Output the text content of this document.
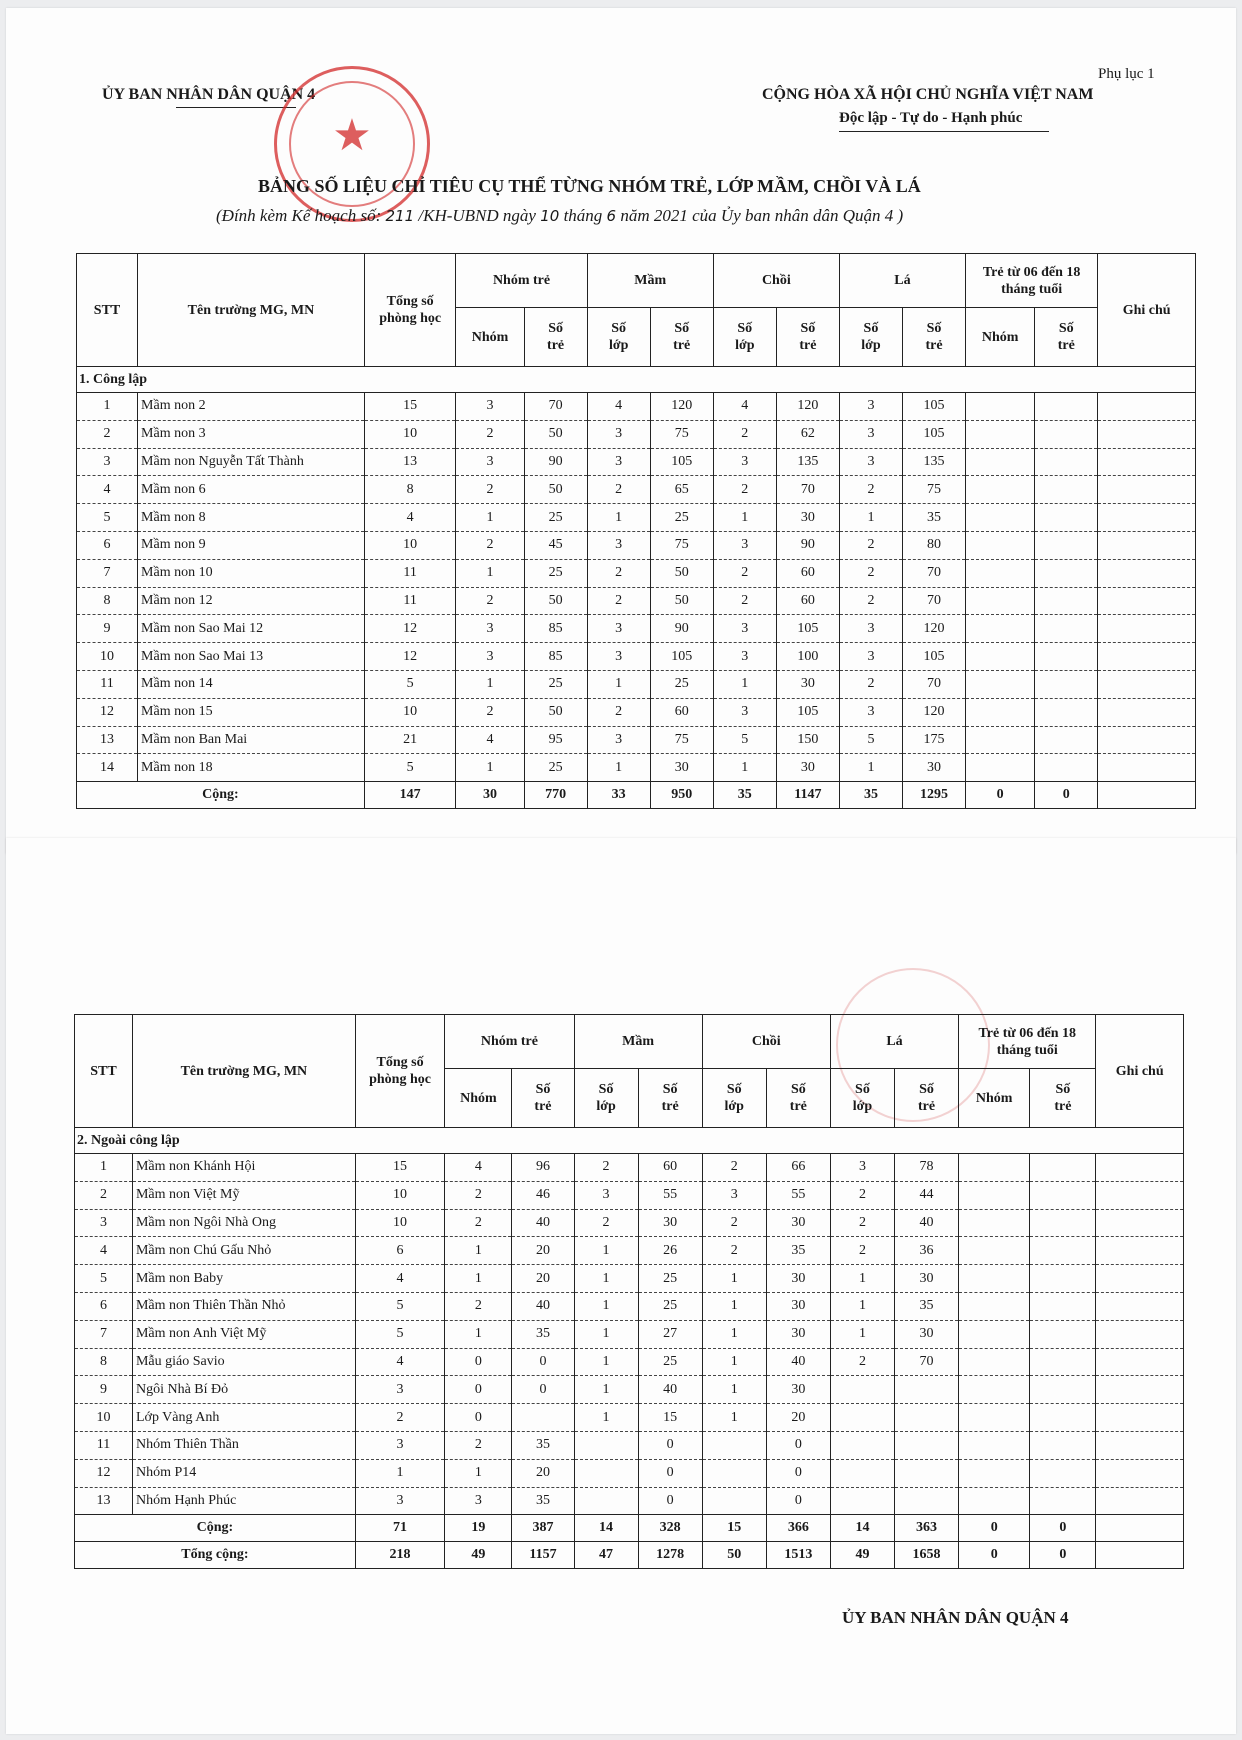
Phụ lục 1
ỦY BAN NHÂN DÂN QUẬN 4	CỘNG HÒA XÃ HỘI CHỦ NGHĨA VIỆT NAM
Độc lập - Tự do - Hạnh phúc
★
BẢNG SỐ LIỆU CHỈ TIÊU CỤ THỂ TỪNG NHÓM TRẺ, LỚP MẦM, CHỒI VÀ LÁ
(Đính kèm Kế hoạch số: 211 /KH-UBND ngày 10 tháng 6 năm 2021 của Ủy ban nhân dân Quận 4 )
STT	Tên trường MG, MN	Tổng số phòng học	Nhóm trẻ		Mầm		Chồi		Lá		Trẻ từ 06 đến 18 tháng tuổi		Ghi chú
			Nhóm	Số trẻ	Số lớp	Số trẻ	Số lớp	Số trẻ	Số lớp	Số trẻ	Nhóm	Số trẻ	
1. Công lập													
1	Mầm non 2	15	3	70	4	120	4	120	3	105			
2	Mầm non 3	10	2	50	3	75	2	62	3	105			
3	Mầm non Nguyễn Tất Thành	13	3	90	3	105	3	135	3	135			
4	Mầm non 6	8	2	50	2	65	2	70	2	75			
5	Mầm non 8	4	1	25	1	25	1	30	1	35			
6	Mầm non 9	10	2	45	3	75	3	90	2	80			
7	Mầm non 10	11	1	25	2	50	2	60	2	70			
8	Mầm non 12	11	2	50	2	50	2	60	2	70			
9	Mầm non Sao Mai 12	12	3	85	3	90	3	105	3	120			
10	Mầm non Sao Mai 13	12	3	85	3	105	3	100	3	105			
11	Mầm non 14	5	1	25	1	25	1	30	2	70			
12	Mầm non 15	10	2	50	2	60	3	105	3	120			
13	Mầm non Ban Mai	21	4	95	3	75	5	150	5	175			
14	Mầm non 18	5	1	25	1	30	1	30	1	30			
Cộng:		147	30	770	33	950	35	1147	35	1295	0	0	
STT	Tên trường MG, MN	Tổng số phòng học	Nhóm trẻ		Mầm		Chồi		Lá		Trẻ từ 06 đến 18 tháng tuổi		Ghi chú
			Nhóm	Số trẻ	Số lớp	Số trẻ	Số lớp	Số trẻ	Số lớp	Số trẻ	Nhóm	Số trẻ	
2. Ngoài công lập													
1	Mầm non Khánh Hội	15	4	96	2	60	2	66	3	78			
2	Mầm non Việt Mỹ	10	2	46	3	55	3	55	2	44			
3	Mầm non Ngôi Nhà Ong	10	2	40	2	30	2	30	2	40			
4	Mầm non Chú Gấu Nhỏ	6	1	20	1	26	2	35	2	36			
5	Mầm non Baby	4	1	20	1	25	1	30	1	30			
6	Mầm non Thiên Thần Nhỏ	5	2	40	1	25	1	30	1	35			
7	Mầm non Anh Việt Mỹ	5	1	35	1	27	1	30	1	30			
8	Mẫu giáo Savio	4	0	0	1	25	1	40	2	70			
9	Ngôi Nhà Bí Đỏ	3	0	0	1	40	1	30					
10	Lớp Vàng Anh	2	0		1	15	1	20					
11	Nhóm Thiên Thần	3	2	35		0		0					
12	Nhóm P14	1	1	20		0		0					
13	Nhóm Hạnh Phúc	3	3	35		0		0					
Cộng:		71	19	387	14	328	15	366	14	363	0	0	
Tổng cộng:		218	49	1157	47	1278	50	1513	49	1658	0	0	
ỦY BAN NHÂN DÂN QUẬN 4
